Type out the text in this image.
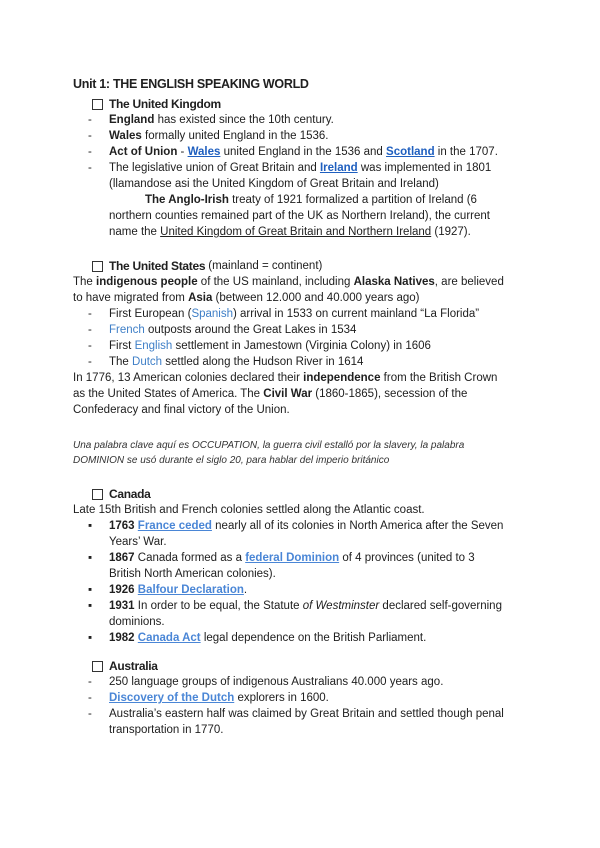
Unit 1: THE ENGLISH SPEAKING WORLD
The United Kingdom
- England has existed since the 10th century.
- Wales formally united England in the 1536.
- Act of Union - Wales united England in the 1536 and Scotland in the 1707.
- The legislative union of Great Britain and Ireland was implemented in 1801
(llamandose asi the United Kingdom of Great Britain and Ireland)
The Anglo-Irish treaty of 1921 formalized a partition of Ireland (6
northern counties remained part of the UK as Northern Ireland), the current
name the United Kingdom of Great Britain and Northern Ireland (1927).
The United States (mainland = continent)
The indigenous people of the US mainland, including Alaska Natives, are believed
to have migrated from Asia (between 12.000 and 40.000 years ago)
- First European (Spanish) arrival in 1533 on current mainland “La Florida”
- French outposts around the Great Lakes in 1534
- First English settlement in Jamestown (Virginia Colony) in 1606
- The Dutch settled along the Hudson River in 1614
In 1776, 13 American colonies declared their independence from the British Crown
as the United States of America. The Civil War (1860-1865), secession of the
Confederacy and final victory of the Union.
Una palabra clave aquí es OCCUPATION, la guerra civil estalló por la slavery, la palabra
DOMINION se usó durante el siglo 20, para hablar del imperio británico
Canada
Late 15th British and French colonies settled along the Atlantic coast.
▪ 1763 France ceded nearly all of its colonies in North America after the Seven
Years’ War.
▪ 1867 Canada formed as a federal Dominion of 4 provinces (united to 3
British North American colonies).
▪ 1926 Balfour Declaration.
▪ 1931 In order to be equal, the Statute of Westminster declared self-governing
dominions.
▪ 1982 Canada Act legal dependence on the British Parliament.
Australia
- 250 language groups of indigenous Australians 40.000 years ago.
- Discovery of the Dutch explorers in 1600.
- Australia’s eastern half was claimed by Great Britain and settled though penal
transportation in 1770.
